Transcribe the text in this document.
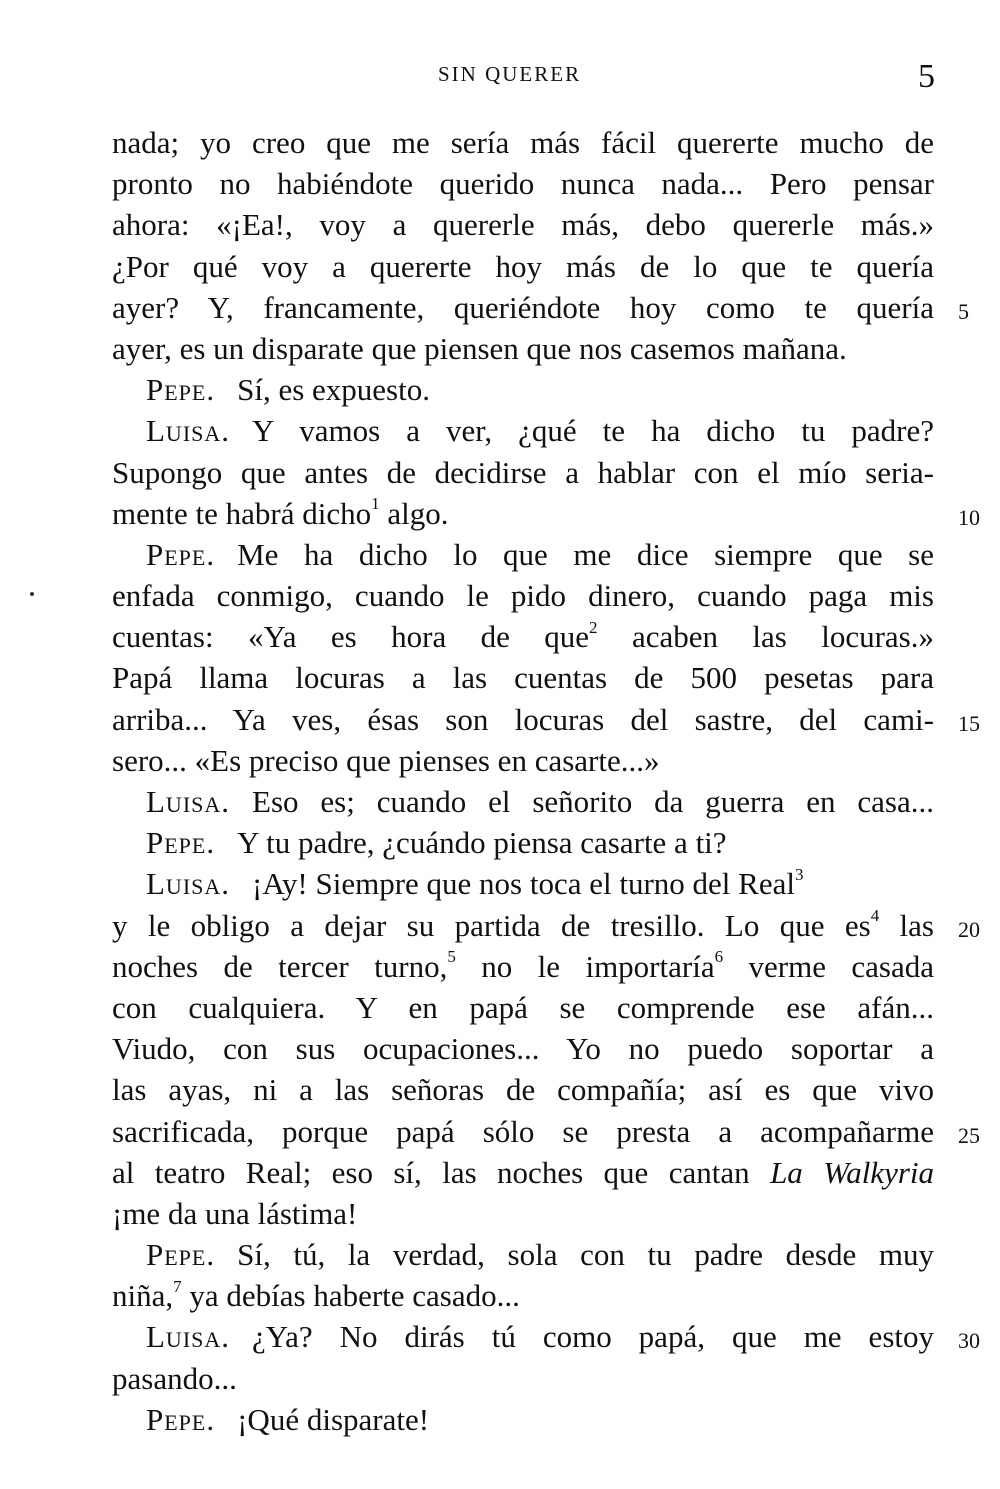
SIN QUERER	5
nada; yo creo que me sería más fácil quererte mucho de
pronto no habiéndote querido nunca nada... Pero pensar
ahora: «¡Ea!, voy a quererle más, debo quererle más.»
¿Por qué voy a quererte hoy más de lo que te quería
ayer? Y, francamente, queriéndote hoy como te quería 5
ayer, es un disparate que piensen que nos casemos mañana.
Pepe. Sí, es expuesto.
Luisa. Y vamos a ver, ¿qué te ha dicho tu padre?
Supongo que antes de decidirse a hablar con el mío seria-
mente te habrá dicho$^1$ algo.	10
Pepe. Me ha dicho lo que me dice siempre que se
enfada conmigo, cuando le pido dinero, cuando paga mis
cuentas: «Ya es hora de que$^2$ acaben las locuras.»
Papá llama locuras a las cuentas de 500 pesetas para
arriba... Ya ves, ésas son locuras del sastre, del cami- 15
sero... «Es preciso que pienses en casarte...»
Luisa. Eso es; cuando el señorito da guerra en casa...
Pepe. Y tu padre, ¿cuándo piensa casarte a ti?
Luisa. ¡Ay! Siempre que nos toca el turno del Real$^3$
y le obligo a dejar su partida de tresillo. Lo que $es^4$ las 20
noches de tercer turno,$^5$ no le importaría$^6$ verme casada
con cualquiera. Y en papá se comprende ese afán...
Viudo, con sus ocupaciones... Yo no puedo soportar a
las ayas, ni a las señoras de compañía; así es que vivo
sacrificada, porque papá sólo se presta a acompañarme 25
al teatro Real; eso sí, las noches que cantan La Walkyria
¡me da una lástima!
Pepe. Sí, tú, la verdad, sola con tu padre desde muy
niña,$^7$ ya debías haberte casado...
Luisa. ¿Ya? No dirás tú como papá, que me estoy 30
pasando...
Pepe. ¡Qué disparate!
